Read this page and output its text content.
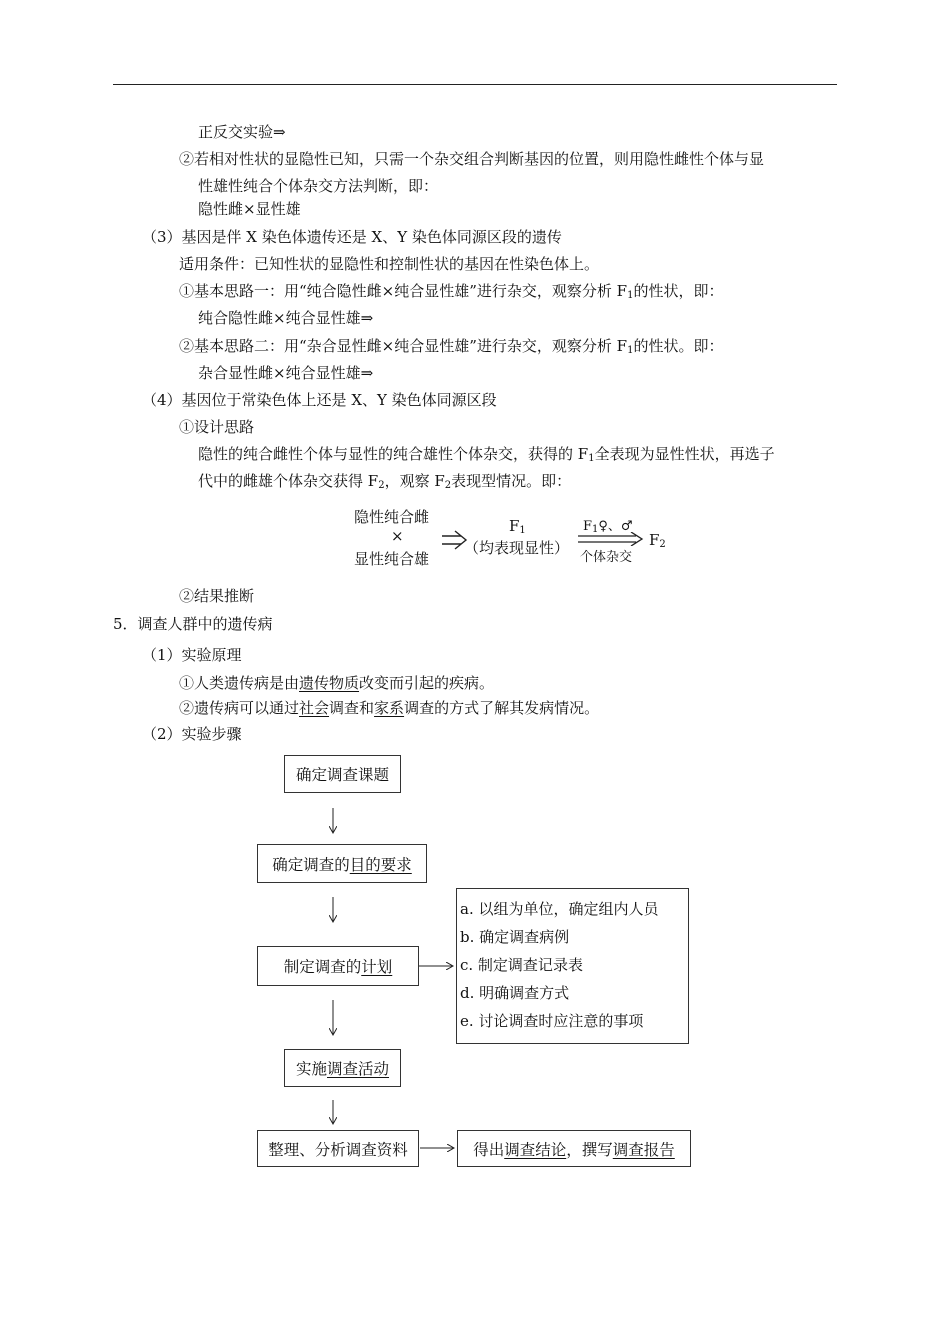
正反交实验⇒
②若相对性状的显隐性已知，只需一个杂交组合判断基因的位置，则用隐性雌性个体与显
性雄性纯合个体杂交方法判断，即：
隐性雌×显性雄
（3）基因是伴 X 染色体遗传还是 X、Y 染色体同源区段的遗传
适用条件：已知性状的显隐性和控制性状的基因在性染色体上。
①基本思路一：用“纯合隐性雌×纯合显性雄”进行杂交，观察分析 $F_1$的性状，即：
纯合隐性雌×纯合显性雄⇒
②基本思路二：用“杂合显性雌×纯合显性雄”进行杂交，观察分析 $F_1$的性状。即：
杂合显性雌×纯合显性雄⇒
（4）基因位于常染色体上还是 X、Y 染色体同源区段
①设计思路
隐性的纯合雌性个体与显性的纯合雄性个体杂交，获得的 $F_1$全表现为显性性状，再选子
代中的雌雄个体杂交获得 $F_2$，观察 $F_2$表现型情况。即：
隐性纯合雌
×
显性纯合雄
$F_1$
（均表现显性）
$F_1♀$、♂
个体杂交
$F_2$
②结果推断
5．调查人群中的遗传病
（1）实验原理
①人类遗传病是由遗传物质改变而引起的疾病。
②遗传病可以通过社会调查和家系调查的方式了解其发病情况。
（2）实验步骤
确定调查课题
确定调查的 目的要求
制定调查的 计划
a. 以组为单位，确定组内人员
b. 确定调查病例
c. 制定调查记录表
d. 明确调查方式
e. 讨论调查时应注意的事项
实施 调查活动
整理、分析调查资料	得出 调查结论 ，撰写 调查报告
